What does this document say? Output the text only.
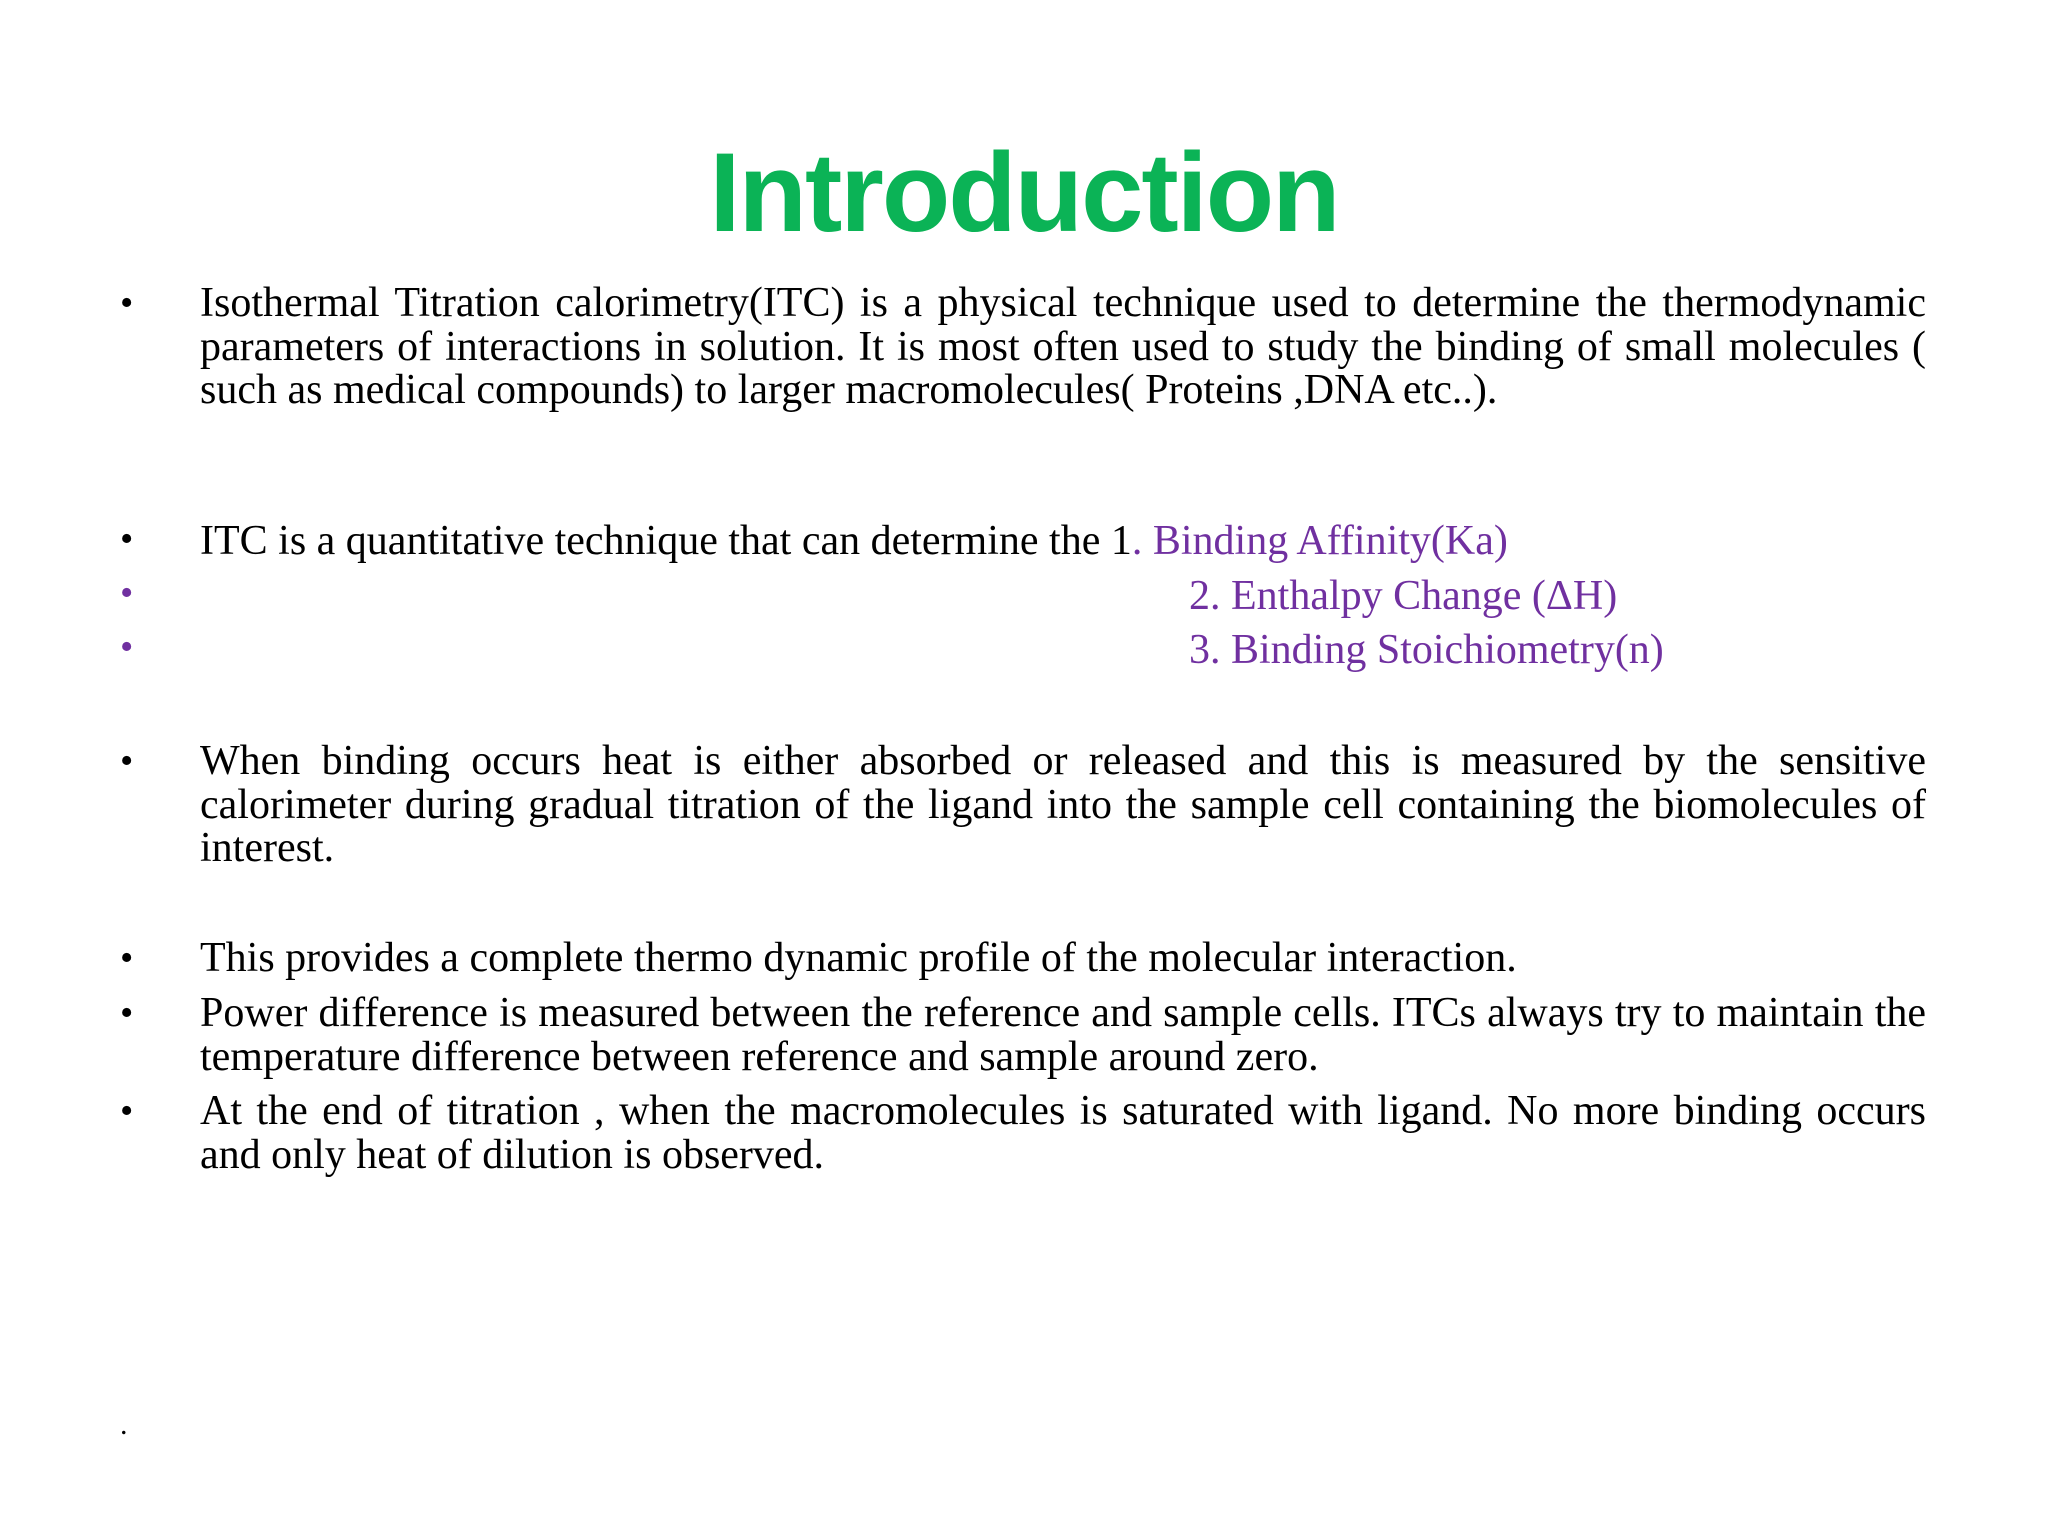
Introduction
• Isothermal Titration calorimetry(ITC) is a physical technique used to determine the thermodynamic parameters of interactions in solution. It is most often used to study the binding of small molecules ( such as medical compounds) to larger macromolecules( Proteins ,DNA etc..).

• ITC is a quantitative technique that can determine the 1. Binding Affinity(Ka)
•	2. Enthalpy Change (ΔH)
•	3. Binding Stoichiometry(n)
• When binding occurs heat is either absorbed or released and this is measured by the sensitive calorimeter during gradual titration of the ligand into the sample cell containing the biomolecules of interest.

• This provides a complete thermo dynamic profile of the molecular interaction.

• Power difference is measured between the reference and sample cells. ITCs always try to maintain the temperature difference between reference and sample around zero.

• At the end of titration , when the macromolecules is saturated with ligand. No more binding occurs and only heat of dilution is observed.

.
